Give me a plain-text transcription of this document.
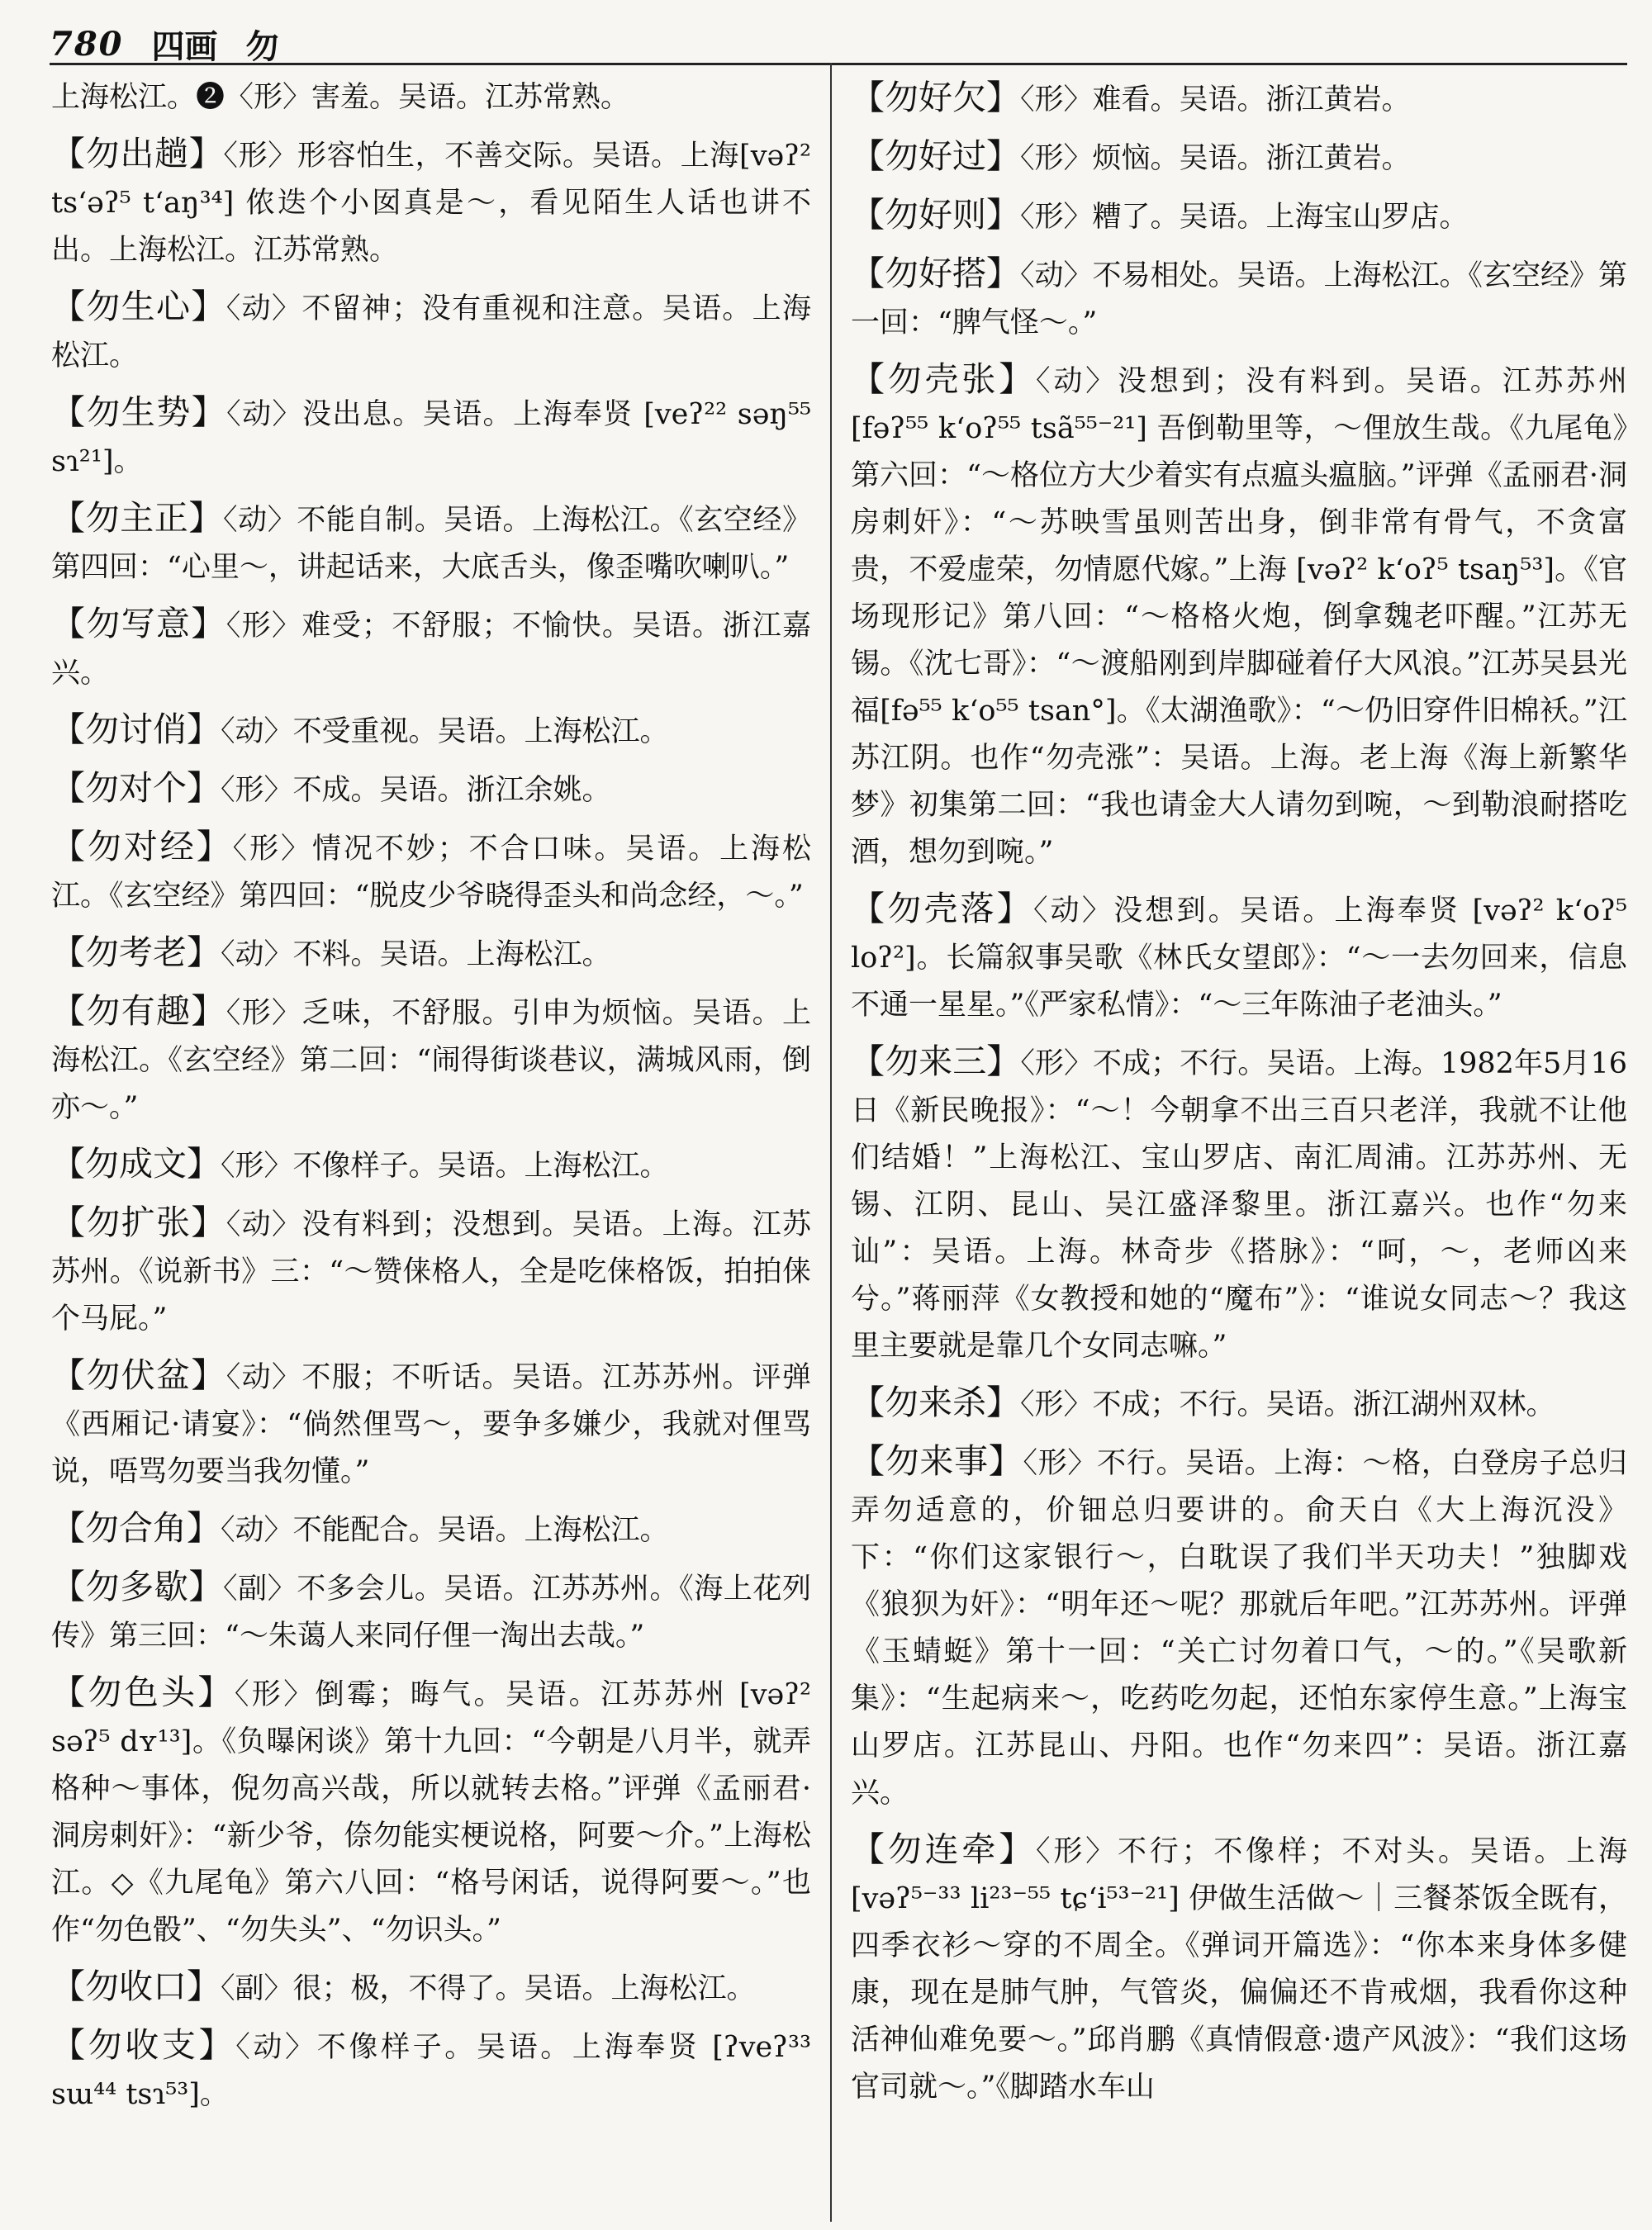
780 四画 勿

上海松江。❷〈形〉害羞。吴语。江苏常熟。

【勿出趟】〈形〉形容怕生，不善交际。吴语。上海[vəʔ² tsʻəʔ⁵ tʻaŋ³⁴] 侬迭个小囡真是～，看见陌生人话也讲不出。上海松江。江苏常熟。

【勿生心】〈动〉不留神；没有重视和注意。吴语。上海松江。

【勿生势】〈动〉没出息。吴语。上海奉贤 [veʔ²² səŋ⁵⁵ sɿ²¹]。

【勿主正】〈动〉不能自制。吴语。上海松江。《玄空经》第四回：“心里～，讲起话来，大底舌头，像歪嘴吹喇叭。”

【勿写意】〈形〉难受；不舒服；不愉快。吴语。浙江嘉兴。

【勿讨俏】〈动〉不受重视。吴语。上海松江。

【勿对个】〈形〉不成。吴语。浙江余姚。

【勿对经】〈形〉情况不妙；不合口味。吴语。上海松江。《玄空经》第四回：“脱皮少爷晓得歪头和尚念经，～。”

【勿考老】〈动〉不料。吴语。上海松江。

【勿有趣】〈形〉乏味，不舒服。引申为烦恼。吴语。上海松江。《玄空经》第二回：“闹得街谈巷议，满城风雨，倒亦～。”

【勿成文】〈形〉不像样子。吴语。上海松江。

【勿扩张】〈动〉没有料到；没想到。吴语。上海。江苏苏州。《说新书》三：“～赞俫格人，全是吃俫格饭，拍拍俫个马屁。”

【勿伏盆】〈动〉不服；不听话。吴语。江苏苏州。评弹《西厢记·请宴》：“倘然俚骂～，要争多嫌少，我就对俚骂说，唔骂勿要当我勿懂。”

【勿合角】〈动〉不能配合。吴语。上海松江。

【勿多歇】〈副〉不多会儿。吴语。江苏苏州。《海上花列传》第三回：“～朱蔼人来同仔俚一淘出去哉。”

【勿色头】〈形〉倒霉；晦气。吴语。江苏苏州 [vəʔ² səʔ⁵ dʏ¹³]。《负曝闲谈》第十九回：“今朝是八月半，就弄格种～事体，倪勿高兴哉，所以就转去格。”评弹《孟丽君·洞房刺奸》：“新少爷，倷勿能实梗说格，阿要～介。”上海松江。◇《九尾龟》第六八回：“格号闲话，说得阿要～。”也作“勿色骰”、“勿失头”、“勿识头。”

【勿收口】〈副〉很；极，不得了。吴语。上海松江。

【勿收支】〈动〉不像样子。吴语。上海奉贤 [ʔveʔ³³ sɯ⁴⁴ tsɿ⁵³]。

【勿好欠】〈形〉难看。吴语。浙江黄岩。

【勿好过】〈形〉烦恼。吴语。浙江黄岩。

【勿好则】〈形〉糟了。吴语。上海宝山罗店。

【勿好搭】〈动〉不易相处。吴语。上海松江。《玄空经》第一回：“脾气怪～。”

【勿壳张】〈动〉没想到；没有料到。吴语。江苏苏州 [fəʔ⁵⁵ kʻoʔ⁵⁵ tsã⁵⁵⁻²¹] 吾倒勒里等，～俚放生哉。《九尾龟》第六回：“～格位方大少着实有点瘟头瘟脑。”评弹《孟丽君·洞房刺奸》：“～苏映雪虽则苦出身，倒非常有骨气，不贪富贵，不爱虚荣，勿情愿代嫁。”上海 [vəʔ² kʻoʔ⁵ tsaŋ⁵³]。《官场现形记》第八回：“～格格火炮，倒拿魏老吓醒。”江苏无锡。《沈七哥》：“～渡船刚到岸脚碰着仔大风浪。”江苏吴县光福[fə⁵⁵ kʻo⁵⁵ tsan°]。《太湖渔歌》：“～仍旧穿件旧棉袄。”江苏江阴。也作“勿壳涨”：吴语。上海。老上海《海上新繁华梦》初集第二回：“我也请金大人请勿到啘，～到勒浪耐搭吃酒，想勿到啘。”

【勿壳落】〈动〉没想到。吴语。上海奉贤 [vəʔ² kʻoʔ⁵ loʔ²]。长篇叙事吴歌《林氏女望郎》：“～一去勿回来，信息不通一星星。”《严家私情》：“～三年陈油子老油头。”

【勿来三】〈形〉不成；不行。吴语。上海。1982年5月16日《新民晚报》：“～！今朝拿不出三百只老洋，我就不让他们结婚！”上海松江、宝山罗店、南汇周浦。江苏苏州、无锡、江阴、昆山、吴江盛泽黎里。浙江嘉兴。也作“勿来讪”：吴语。上海。林奇步《搭脉》：“呵，～，老师凶来兮。”蒋丽萍《女教授和她的“魔布”》：“谁说女同志～？我这里主要就是靠几个女同志嘛。”

【勿来杀】〈形〉不成；不行。吴语。浙江湖州双林。

【勿来事】〈形〉不行。吴语。上海：～格，白登房子总归弄勿适意的，价钿总归要讲的。俞天白《大上海沉没》下：“你们这家银行～，白耽误了我们半天功夫！”独脚戏《狼狈为奸》：“明年还～呢？那就后年吧。”江苏苏州。评弹《玉蜻蜓》第十一回：“关亡讨勿着口气，～的。”《吴歌新集》：“生起病来～，吃药吃勿起，还怕东家停生意。”上海宝山罗店。江苏昆山、丹阳。也作“勿来四”：吴语。浙江嘉兴。

【勿连牵】〈形〉不行；不像样；不对头。吴语。上海 [vəʔ⁵⁻³³ li²³⁻⁵⁵ tɕʻi⁵³⁻²¹] 伊做生活做～｜三餐茶饭全既有，四季衣衫～穿的不周全。《弹词开篇选》：“你本来身体多健康，现在是肺气肿，气管炎，偏偏还不肯戒烟，我看你这种活神仙难免要～。”邱肖鹏《真情假意·遗产风波》：“我们这场官司就～。”《脚踏水车山
